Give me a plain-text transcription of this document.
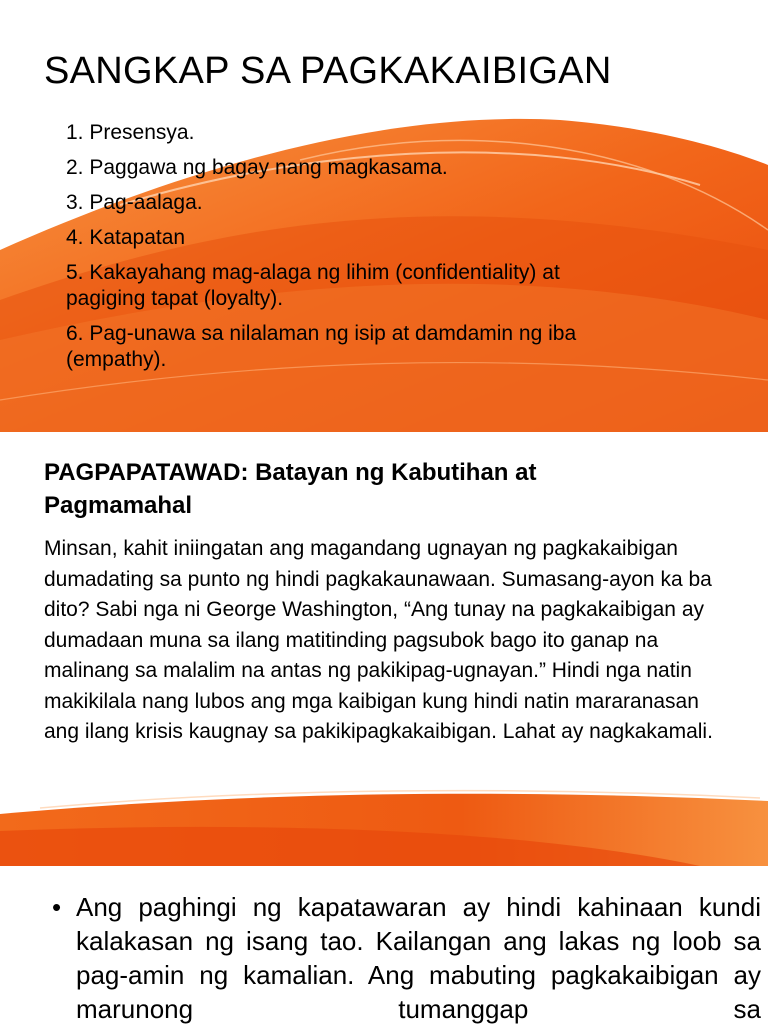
SANGKAP SA PAGKAKAIBIGAN
1. Presensya.
2. Paggawa ng bagay nang magkasama.
3. Pag-aalaga.
4. Katapatan
5. Kakayahang mag-alaga ng lihim (confidentiality) at pagiging tapat (loyalty).
6. Pag-unawa sa nilalaman ng isip at damdamin ng iba (empathy).
PAGPAPATAWAD: Batayan ng Kabutihan at Pagmamahal
Minsan, kahit iniingatan ang magandang ugnayan ng pagkakaibigan dumadating sa punto ng hindi pagkakaunawaan. Sumasang-ayon ka ba dito? Sabi nga ni George Washington, “Ang tunay na pagkakaibigan ay dumadaan muna sa ilang matitinding pagsubok bago ito ganap na malinang sa malalim na antas ng pakikipag-ugnayan.” Hindi nga natin makikilala nang lubos ang mga kaibigan kung hindi natin mararanasan ang ilang krisis kaugnay sa pakikipagkakaibigan. Lahat ay nagkakamali.
• Ang paghingi ng kapatawaran ay hindi kahinaan kundi kalakasan ng isang tao. Kailangan ang lakas ng loob sa pag-amin ng kamalian. Ang mabuting pagkakaibigan ay marunong tumanggap sa
